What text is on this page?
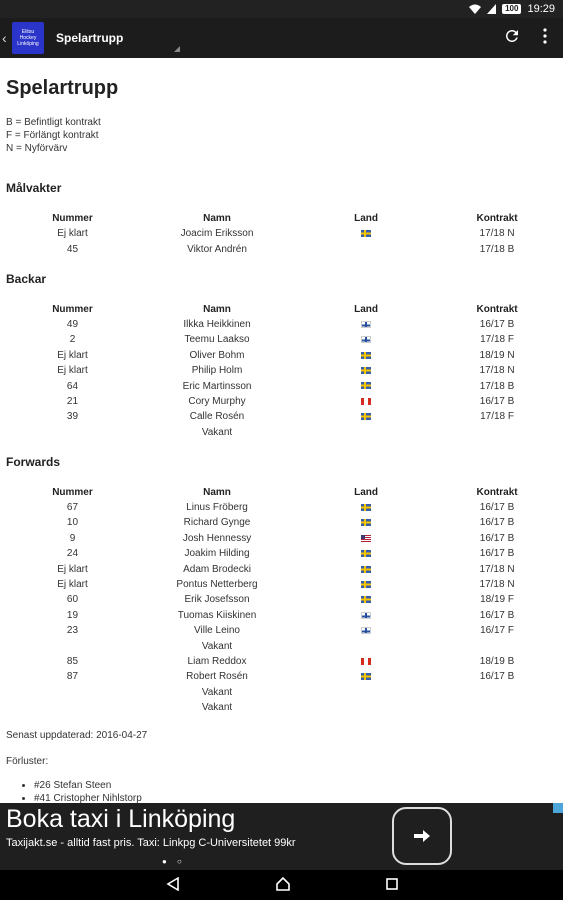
100 19:29
‹	Elitsu
Hockey
Linköping Spelartrupp
Spelartrupp
B = Befintligt kontrakt
F = Förlängt kontrakt
N = Nyförvärv
Målvakter
Nummer	Namn	Land	Kontrakt
Ej klart	Joacim Eriksson		17/18 N
45	Viktor Andrén		17/18 B
Backar
Nummer	Namn	Land	Kontrakt
49	Ilkka Heikkinen		16/17 B
2	Teemu Laakso		17/18 F
Ej klart	Oliver Bohm		18/19 N
Ej klart	Philip Holm		17/18 N
64	Eric Martinsson		17/18 B
21	Cory Murphy		16/17 B
39	Calle Rosén		17/18 F
	Vakant		
Forwards
Nummer	Namn	Land	Kontrakt
67	Linus Fröberg		16/17 B
10	Richard Gynge		16/17 B
9	Josh Hennessy		16/17 B
24	Joakim Hilding		16/17 B
Ej klart	Adam Brodecki		17/18 N
Ej klart	Pontus Netterberg		17/18 N
60	Erik Josefsson		18/19 F
19	Tuomas Kiiskinen		16/17 B
23	Ville Leino		16/17 F
	Vakant		
85	Liam Reddox		18/19 B
87	Robert Rosén		16/17 B
	Vakant		
	Vakant		
Senast uppdaterad: 2016-04-27
Förluster:
• #26 Stefan Steen
• #41 Cristopher Nihlstorp
Boka taxi i Linköping
Taxijakt.se - alltid fast pris. Taxi: Linkpg C-Universitetet 99kr
● ○
